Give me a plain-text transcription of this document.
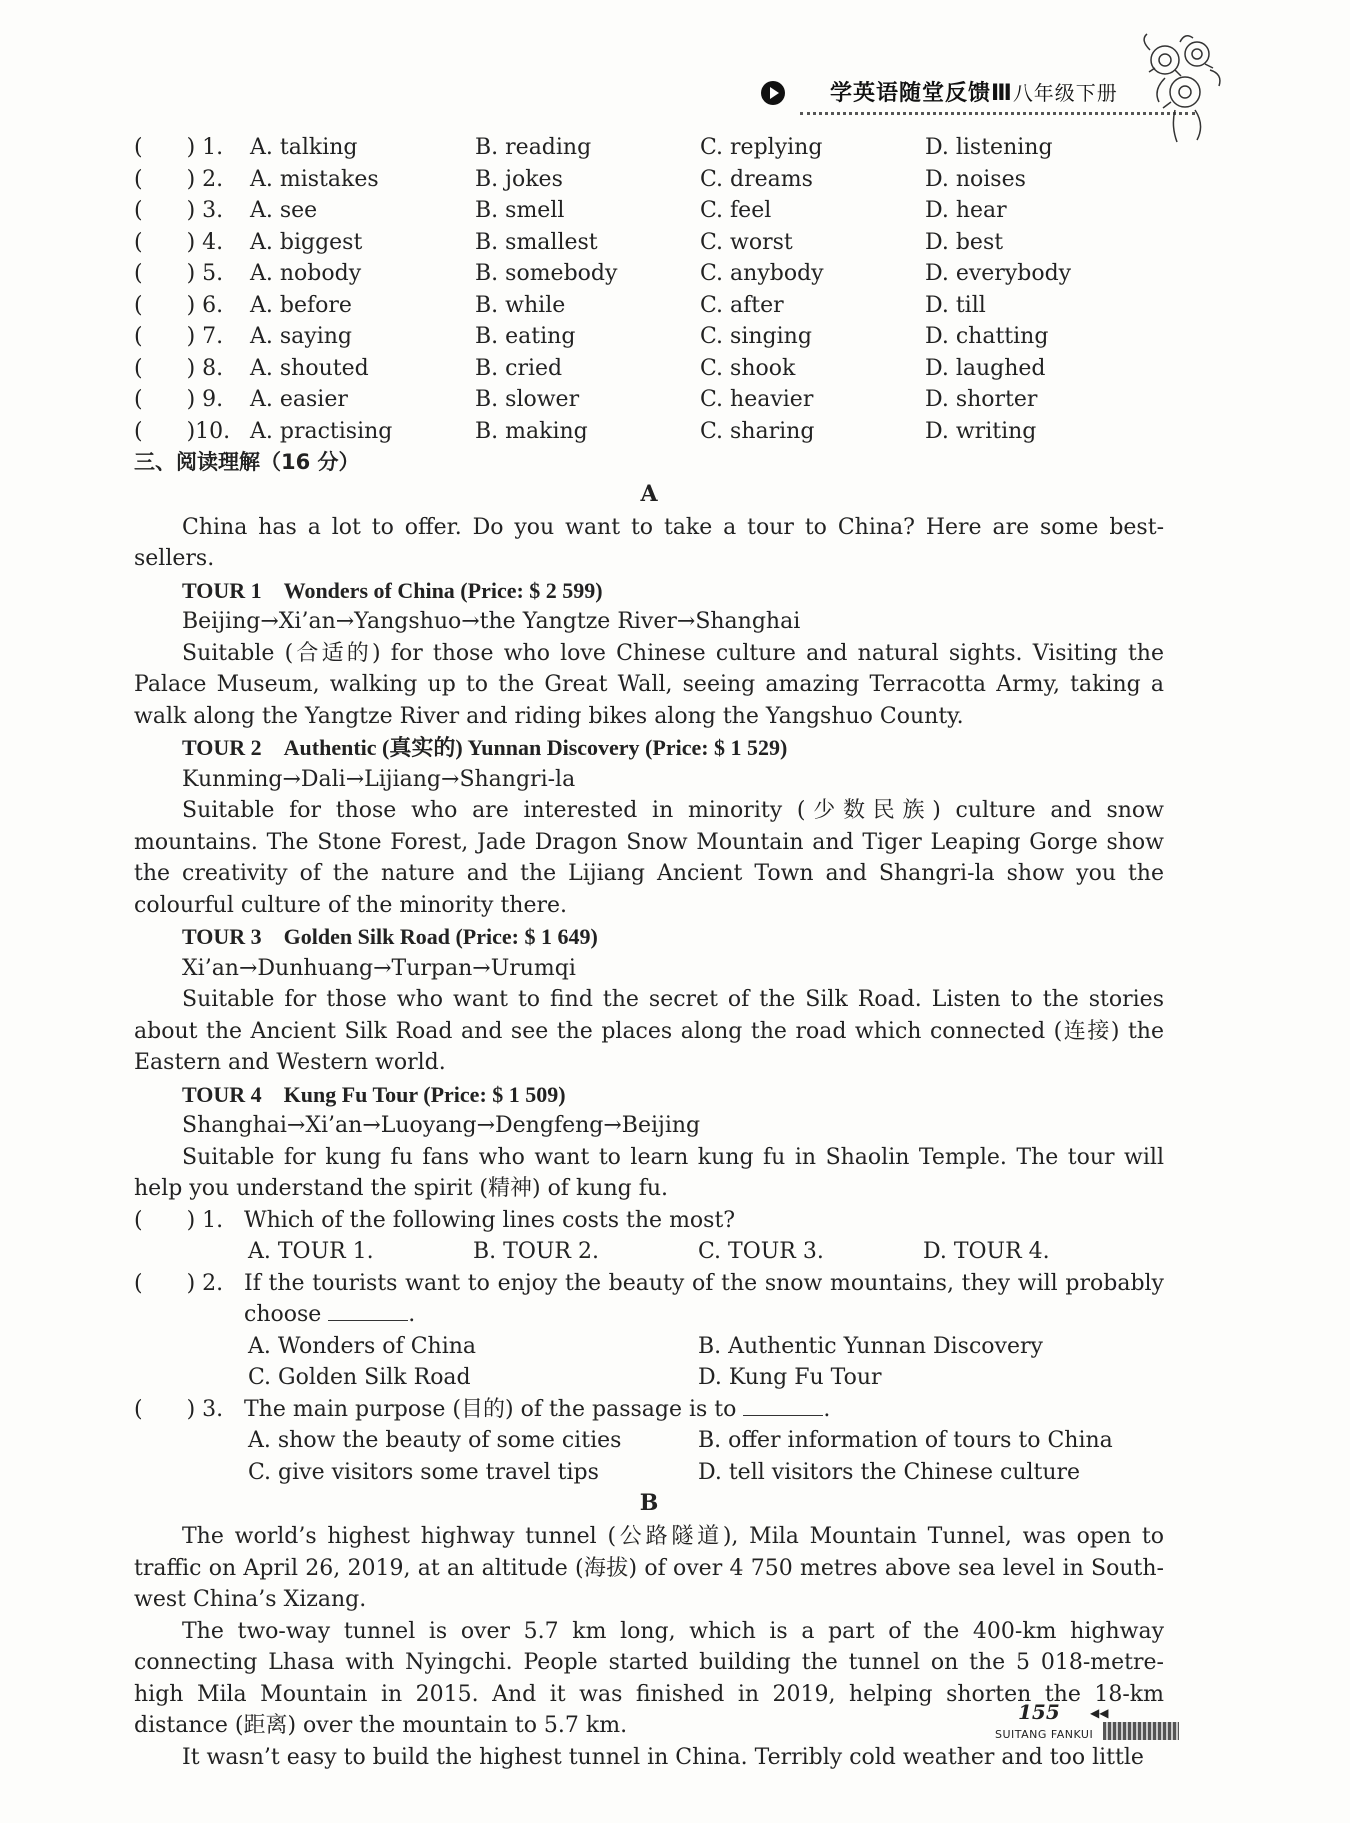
学英语随堂反馈Ⅲ八年级下册
(　　) 1.	A. talking	B. reading	C. replying	D. listening
(　　) 2.	A. mistakes	B. jokes	C. dreams	D. noises
(　　) 3.	A. see	B. smell	C. feel	D. hear
(　　) 4.	A. biggest	B. smallest	C. worst	D. best
(　　) 5.	A. nobody	B. somebody	C. anybody	D. everybody
(　　) 6.	A. before	B. while	C. after	D. till
(　　) 7.	A. saying	B. eating	C. singing	D. chatting
(　　) 8.	A. shouted	B. cried	C. shook	D. laughed
(　　) 9.	A. easier	B. slower	C. heavier	D. shorter
(　　)10. A. practising	B. making	C. sharing	D. writing
三、阅读理解（16 分）
A

China has a lot to offer. Do you want to take a tour to China? Here are some best-sellers.

TOUR 1　Wonders of China (Price: $ 2 599)
Beijing→Xi’an→Yangshuo→the Yangtze River→Shanghai

Suitable (合适的) for those who love Chinese culture and natural sights. Visiting the Palace Museum, walking up to the Great Wall, seeing amazing Terracotta Army, taking a walk along the Yangtze River and riding bikes along the Yangshuo County.

TOUR 2　Authentic (真实的) Yunnan Discovery (Price: $ 1 529)
Kunming→Dali→Lijiang→Shangri-la

Suitable for those who are interested in minority (少数民族) culture and snow mountains. The Stone Forest, Jade Dragon Snow Mountain and Tiger Leaping Gorge show the creativity of the nature and the Lijiang Ancient Town and Shangri-la show you the colourful culture of the minority there.

TOUR 3　Golden Silk Road (Price: $ 1 649)
Xi’an→Dunhuang→Turpan→Urumqi

Suitable for those who want to find the secret of the Silk Road. Listen to the stories about the Ancient Silk Road and see the places along the road which connected (连接) the Eastern and Western world.

TOUR 4　Kung Fu Tour (Price: $ 1 509)
Shanghai→Xi’an→Luoyang→Dengfeng→Beijing

Suitable for kung fu fans who want to learn kung fu in Shaolin Temple. The tour will help you understand the spirit (精神) of kung fu.

(　　) 1. Which of the following lines costs the most?
A. TOUR 1.	B. TOUR 2.	C. TOUR 3.	D. TOUR 4.
(　　) 2. If the tourists want to enjoy the beauty of the snow mountains, they will probably choose	.
A. Wonders of China	B. Authentic Yunnan Discovery
C. Golden Silk Road	D. Kung Fu Tour
(　　) 3. The main purpose (目的) of the passage is to	.
A. show the beauty of some cities	B. offer information of tours to China
C. give visitors some travel tips	D. tell visitors the Chinese culture
B

The world’s highest highway tunnel (公路隧道), Mila Mountain Tunnel, was open to traffic on April 26, 2019, at an altitude (海拔) of over 4 750 metres above sea level in South-west China’s Xizang.

The two-way tunnel is over 5.7 km long, which is a part of the 400-km highway connecting Lhasa with Nyingchi. People started building the tunnel on the 5 018-metre-high Mila Mountain in 2015. And it was finished in 2019, helping shorten the 18-km distance (距离) over the mountain to 5.7 km.

It wasn’t easy to build the highest tunnel in China. Terribly cold weather and too little

155	◀◀
SUITANG FANKUI
